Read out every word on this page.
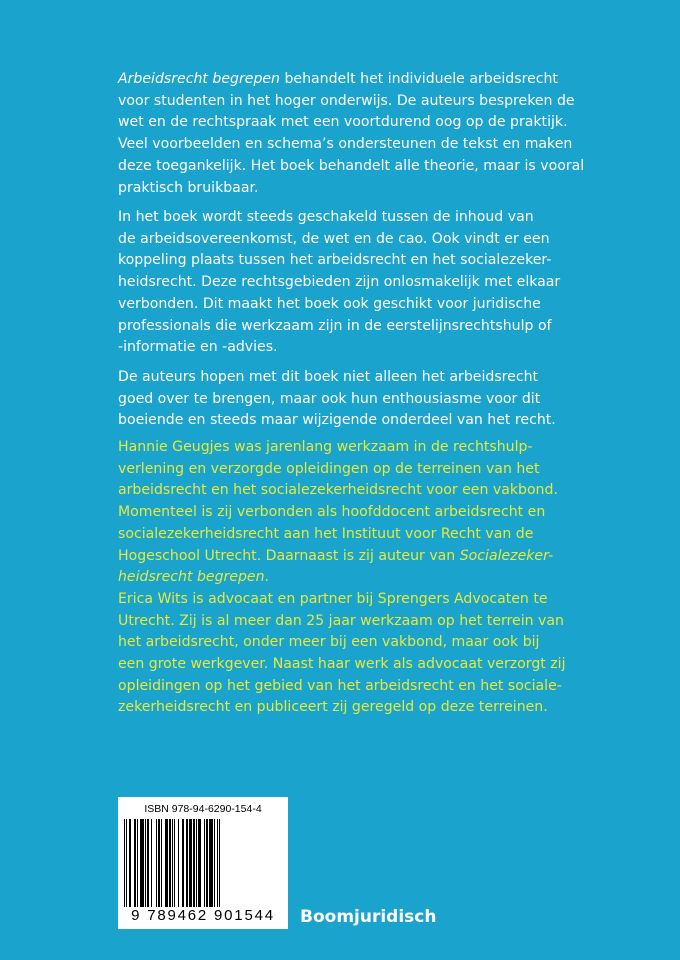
Arbeidsrecht begrepen behandelt het individuele arbeidsrecht
voor studenten in het hoger onderwijs. De auteurs bespreken de
wet en de rechtspraak met een voortdurend oog op de praktijk.
Veel voorbeelden en schema’s ondersteunen de tekst en maken
deze toegankelijk. Het boek behandelt alle theorie, maar is vooral
praktisch bruikbaar.
In het boek wordt steeds geschakeld tussen de inhoud van
de arbeidsovereenkomst, de wet en de cao. Ook vindt er een
koppeling plaats tussen het arbeidsrecht en het socialezeker-
heidsrecht. Deze rechtsgebieden zijn onlosmakelijk met elkaar
verbonden. Dit maakt het boek ook geschikt voor juridische
professionals die werkzaam zijn in de eerstelijnsrechtshulp of
-informatie en -advies.
De auteurs hopen met dit boek niet alleen het arbeidsrecht
goed over te brengen, maar ook hun enthousiasme voor dit
boeiende en steeds maar wijzigende onderdeel van het recht.
Hannie Geugjes was jarenlang werkzaam in de rechtshulp-
verlening en verzorgde opleidingen op de terreinen van het
arbeidsrecht en het socialezekerheidsrecht voor een vakbond.
Momenteel is zij verbonden als hoofddocent arbeidsrecht en
socialezekerheidsrecht aan het Instituut voor Recht van de
Hogeschool Utrecht. Daarnaast is zij auteur van Socialezeker-
heidsrecht begrepen.
Erica Wits is advocaat en partner bij Sprengers Advocaten te
Utrecht. Zij is al meer dan 25 jaar werkzaam op het terrein van
het arbeidsrecht, onder meer bij een vakbond, maar ook bij
een grote werkgever. Naast haar werk als advocaat verzorgt zij
opleidingen op het gebied van het arbeidsrecht en het sociale-
zekerheidsrecht en publiceert zij geregeld op deze terreinen.
ISBN 978-94-6290-154-4
9 789462 901544	Boomjuridisch
